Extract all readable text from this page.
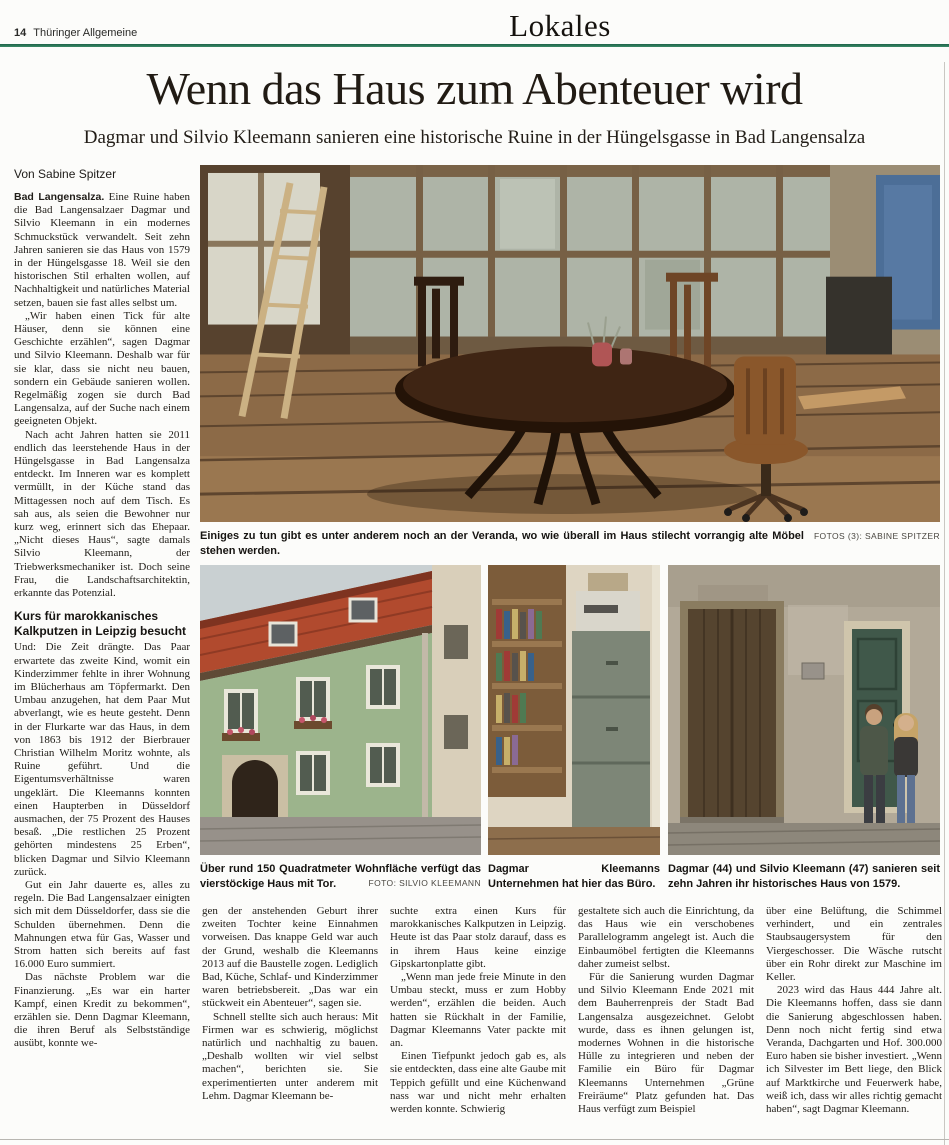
14 Thüringer Allgemeine	Lokales
Wenn das Haus zum Abenteuer wird
Dagmar und Silvio Kleemann sanieren eine historische Ruine in der Hüngelsgasse in Bad Langensalza
Von Sabine Spitzer

Bad Langensalza. Eine Ruine haben die Bad Langensalzaer Dagmar und Silvio Kleemann in ein modernes Schmuckstück verwandelt. Seit zehn Jahren sanieren sie das Haus von 1579 in der Hüngelsgasse 18. Weil sie den historischen Stil erhalten wollen, auf Nachhaltigkeit und natürliches Material setzen, bauen sie fast alles selbst um.

„Wir haben einen Tick für alte Häuser, denn sie können eine Geschichte erzählen“, sagen Dagmar und Silvio Kleemann. Deshalb war für sie klar, dass sie nicht neu bauen, sondern ein Gebäude sanieren wollen. Regelmäßig zogen sie durch Bad Langensalza, auf der Suche nach einem geeigneten Objekt.

Nach acht Jahren hatten sie 2011 endlich das leerstehende Haus in der Hüngelsgasse in Bad Langensalza entdeckt. Im Inneren war es komplett vermüllt, in der Küche stand das Mittagessen noch auf dem Tisch. Es sah aus, als seien die Bewohner nur kurz weg, erinnert sich das Ehepaar. „Nicht dieses Haus“, sagte damals Silvio Kleemann, der Triebwerksmechaniker ist. Doch seine Frau, die Landschaftsarchitektin, erkannte das Potenzial.

Kurs für marokkanisches Kalkputzen in Leipzig besucht

Und: Die Zeit drängte. Das Paar erwartete das zweite Kind, womit ein Kinderzimmer fehlte in ihrer Wohnung im Blücherhaus am Töpfermarkt. Den Umbau anzugehen, hat dem Paar Mut abverlangt, wie es heute gesteht. Denn in der Flurkarte war das Haus, in dem von 1863 bis 1912 der Bierbrauer Christian Wilhelm Moritz wohnte, als Ruine geführt. Und die Eigentumsverhältnisse waren ungeklärt. Die Kleemanns konnten einen Haupterben in Düsseldorf ausmachen, der 75 Prozent des Hauses besaß. „Die restlichen 25 Prozent gehörten mindestens 25 Erben“, blicken Dagmar und Silvio Kleemann zurück.

Gut ein Jahr dauerte es, alles zu regeln. Die Bad Langensalzaer einigten sich mit dem Düsseldorfer, dass sie die Schulden übernehmen. Denn die Mahnungen etwa für Gas, Wasser und Strom hatten sich bereits auf fast 16.000 Euro summiert.

Das nächste Problem war die Finanzierung. „Es war ein harter Kampf, einen Kredit zu bekommen“, erzählen sie. Denn Dagmar Kleemann, die ihren Beruf als Selbstständige ausübt, konnte we-

Einiges zu tun gibt es unter anderem noch an der Veranda, wo wie überall im Haus stilecht vorrangig alte Möbel stehen werden.
FOTOS (3): SABINE SPITZER
Über rund 150 Quadratmeter Wohnfläche verfügt das vierstöckige Haus mit Tor.	FOTO: SILVIO KLEEMANN
Dagmar Kleemanns Unternehmen hat hier das Büro.
Dagmar (44) und Silvio Kleemann (47) sanieren seit zehn Jahren ihr historisches Haus von 1579.

gen der anstehenden Geburt ihrer zweiten Tochter keine Einnahmen vorweisen. Das knappe Geld war auch der Grund, weshalb die Kleemanns 2013 auf die Baustelle zogen. Lediglich Bad, Küche, Schlaf- und Kinderzimmer waren betriebsbereit. „Das war ein stückweit ein Abenteuer“, sagen sie.

Schnell stellte sich auch heraus: Mit Firmen war es schwierig, möglichst natürlich und nachhaltig zu bauen. „Deshalb wollten wir viel selbst machen“, berichten sie. Sie experimentierten unter anderem mit Lehm. Dagmar Kleemann be-

suchte extra einen Kurs für marokkanisches Kalkputzen in Leipzig. Heute ist das Paar stolz darauf, dass es in ihrem Haus keine einzige Gipskartonplatte gibt.

„Wenn man jede freie Minute in den Umbau steckt, muss er zum Hobby werden“, erzählen die beiden. Auch hatten sie Rückhalt in der Familie, Dagmar Kleemanns Vater packte mit an.

Einen Tiefpunkt jedoch gab es, als sie entdeckten, dass eine alte Gaube mit Teppich gefüllt und eine Küchenwand nass war und nicht mehr erhalten werden konnte. Schwierig

gestaltete sich auch die Einrichtung, da das Haus wie ein verschobenes Parallelogramm angelegt ist. Auch die Einbaumöbel fertigten die Kleemanns daher zumeist selbst.

Für die Sanierung wurden Dagmar und Silvio Kleemann Ende 2021 mit dem Bauherrenpreis der Stadt Bad Langensalza ausgezeichnet. Gelobt wurde, dass es ihnen gelungen ist, modernes Wohnen in die historische Hülle zu integrieren und neben der Familie ein Büro für Dagmar Kleemanns Unternehmen „Grüne Freiräume“ Platz gefunden hat. Das Haus verfügt zum Beispiel

über eine Belüftung, die Schimmel verhindert, und ein zentrales Staubsaugersystem für den Viergeschosser. Die Wäsche rutscht über ein Rohr direkt zur Maschine im Keller.

2023 wird das Haus 444 Jahre alt. Die Kleemanns hoffen, dass sie dann die Sanierung abgeschlossen haben. Denn noch nicht fertig sind etwa Veranda, Dachgarten und Hof. 300.000 Euro haben sie bisher investiert. „Wenn ich Silvester im Bett liege, den Blick auf Marktkirche und Feuerwerk habe, weiß ich, dass wir alles richtig gemacht haben“, sagt Dagmar Kleemann.
